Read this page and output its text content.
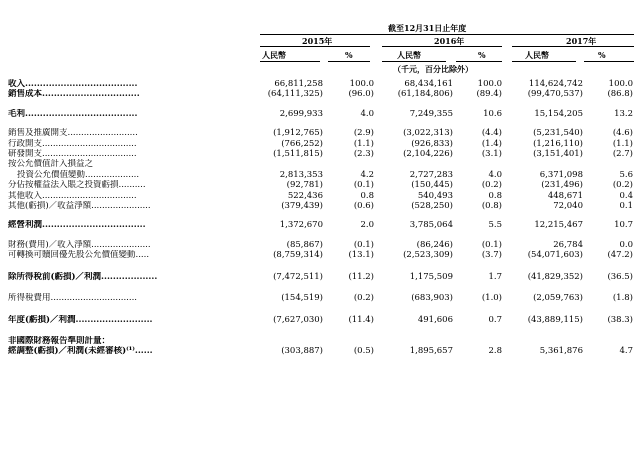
截至12月31日止年度
2015年	2016年	2017年
人民幣	%	人民幣	%	人民幣	%
（千元，百分比除外）
收入......................................	66,811,258	100.0	68,434,161	100.0	114,624,742	100.0
銷售成本.................................	(64,111,325)	(96.0)	(61,184,806)	(89.4)	(99,470,537)	(86.8)

毛利......................................	2,699,933	4.0	7,249,355	10.6	15,154,205	13.2

銷售及推廣開支..........................	(1,912,765)	(2.9)	(3,022,313)	(4.4)	(5,231,540)	(4.6)
行政開支...................................	(766,252)	(1.1)	(926,833)	(1.4)	(1,216,110)	(1.1)
研發開支...................................	(1,511,815)	(2.3)	(2,104,226)	(3.1)	(3,151,401)	(2.7)
按公允價值計入損益之						
投資公允價值變動....................	2,813,353	4.2	2,727,283	4.0	6,371,098	5.6
分佔按權益法入賬之投資虧損..........	(92,781)	(0.1)	(150,445)	(0.2)	(231,496)	(0.2)
其他收入...................................	522,436	0.8	540,493	0.8	448,671	0.4
其他(虧損)／收益淨額......................	(379,439)	(0.6)	(528,250)	(0.8)	72,040	0.1

經營利潤...................................	1,372,670	2.0	3,785,064	5.5	12,215,467	10.7

財務(費用)／收入淨額......................	(85,867)	(0.1)	(86,246)	(0.1)	26,784	0.0
可轉換可贖回優先股公允價值變動.....	(8,759,314)	(13.1)	(2,523,309)	(3.7)	(54,071,603)	(47.2)

除所得稅前(虧損)／利潤...................	(7,472,511)	(11.2)	1,175,509	1.7	(41,829,352)	(36.5)

所得稅費用................................	(154,519)	(0.2)	(683,903)	(1.0)	(2,059,763)	(1.8)

年度(虧損)／利潤..........................	(7,627,030)	(11.4)	491,606	0.7	(43,889,115)	(38.3)

非國際財務報告準則計量：						
經調整(虧損)／利潤(未經審核)⁽¹⁾......	(303,887)	(0.5)	1,895,657	2.8	5,361,876	4.7
